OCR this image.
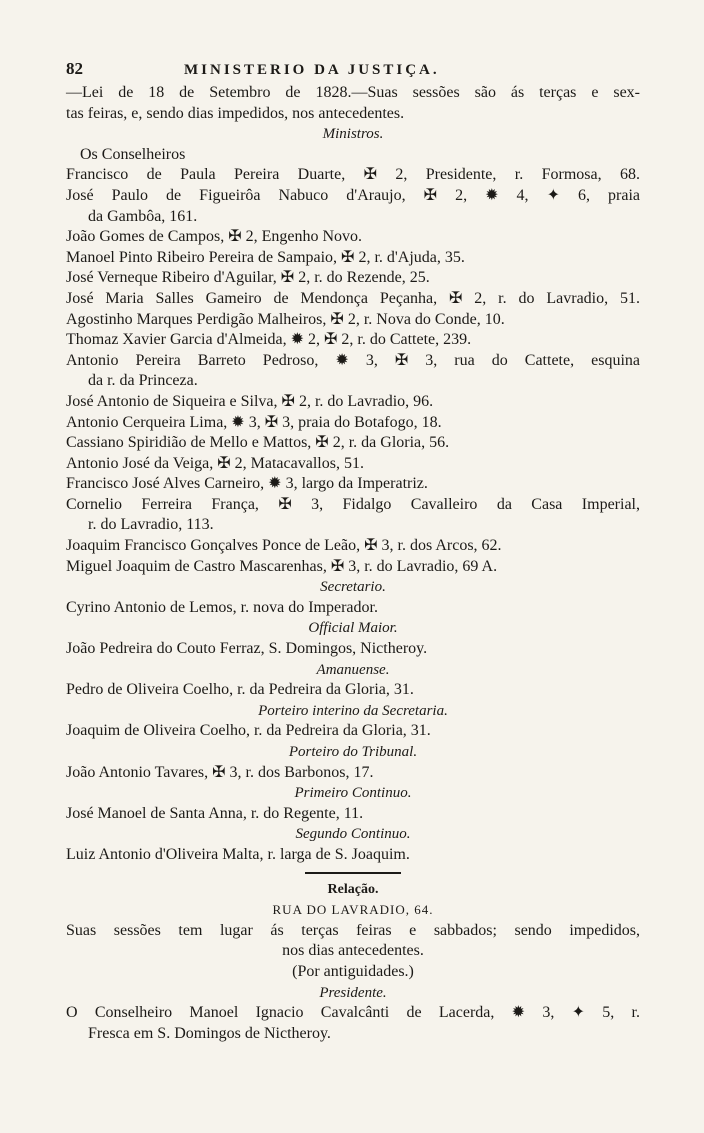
82	MINISTERIO DA JUSTIÇA.
—Lei de 18 de Setembro de 1828.—Suas sessões são ás terças e sex-
tas feiras, e, sendo dias impedidos, nos antecedentes.
Ministros.
Os Conselheiros
Francisco de Paula Pereira Duarte, ✠ 2, Presidente, r. Formosa, 68.
José Paulo de Figueirôa Nabuco d'Araujo, ✠ 2, ✹ 4, ✦ 6, praia
da Gambôa, 161.
João Gomes de Campos, ✠ 2, Engenho Novo.
Manoel Pinto Ribeiro Pereira de Sampaio, ✠ 2, r. d'Ajuda, 35.
José Verneque Ribeiro d'Aguilar, ✠ 2, r. do Rezende, 25.
José Maria Salles Gameiro de Mendonça Peçanha, ✠ 2, r. do Lavradio, 51.
Agostinho Marques Perdigão Malheiros, ✠ 2, r. Nova do Conde, 10.
Thomaz Xavier Garcia d'Almeida, ✹ 2, ✠ 2, r. do Cattete, 239.
Antonio Pereira Barreto Pedroso, ✹ 3, ✠ 3, rua do Cattete, esquina
da r. da Princeza.
José Antonio de Siqueira e Silva, ✠ 2, r. do Lavradio, 96.
Antonio Cerqueira Lima, ✹ 3, ✠ 3, praia do Botafogo, 18.
Cassiano Spiridião de Mello e Mattos, ✠ 2, r. da Gloria, 56.
Antonio José da Veiga, ✠ 2, Matacavallos, 51.
Francisco José Alves Carneiro, ✹ 3, largo da Imperatriz.
Cornelio Ferreira França, ✠ 3, Fidalgo Cavalleiro da Casa Imperial,
r. do Lavradio, 113.
Joaquim Francisco Gonçalves Ponce de Leão, ✠ 3, r. dos Arcos, 62.
Miguel Joaquim de Castro Mascarenhas, ✠ 3, r. do Lavradio, 69 A.
Secretario.
Cyrino Antonio de Lemos, r. nova do Imperador.
Official Maior.
João Pedreira do Couto Ferraz, S. Domingos, Nictheroy.
Amanuense.
Pedro de Oliveira Coelho, r. da Pedreira da Gloria, 31.
Porteiro interino da Secretaria.
Joaquim de Oliveira Coelho, r. da Pedreira da Gloria, 31.
Porteiro do Tribunal.
João Antonio Tavares, ✠ 3, r. dos Barbonos, 17.
Primeiro Continuo.
José Manoel de Santa Anna, r. do Regente, 11.
Segundo Continuo.
Luiz Antonio d'Oliveira Malta, r. larga de S. Joaquim.
Relação.
RUA DO LAVRADIO, 64.
Suas sessões tem lugar ás terças feiras e sabbados; sendo impedidos,
nos dias antecedentes.
(Por antiguidades.)
Presidente.
O Conselheiro Manoel Ignacio Cavalcânti de Lacerda, ✹ 3, ✦ 5, r.
Fresca em S. Domingos de Nictheroy.
